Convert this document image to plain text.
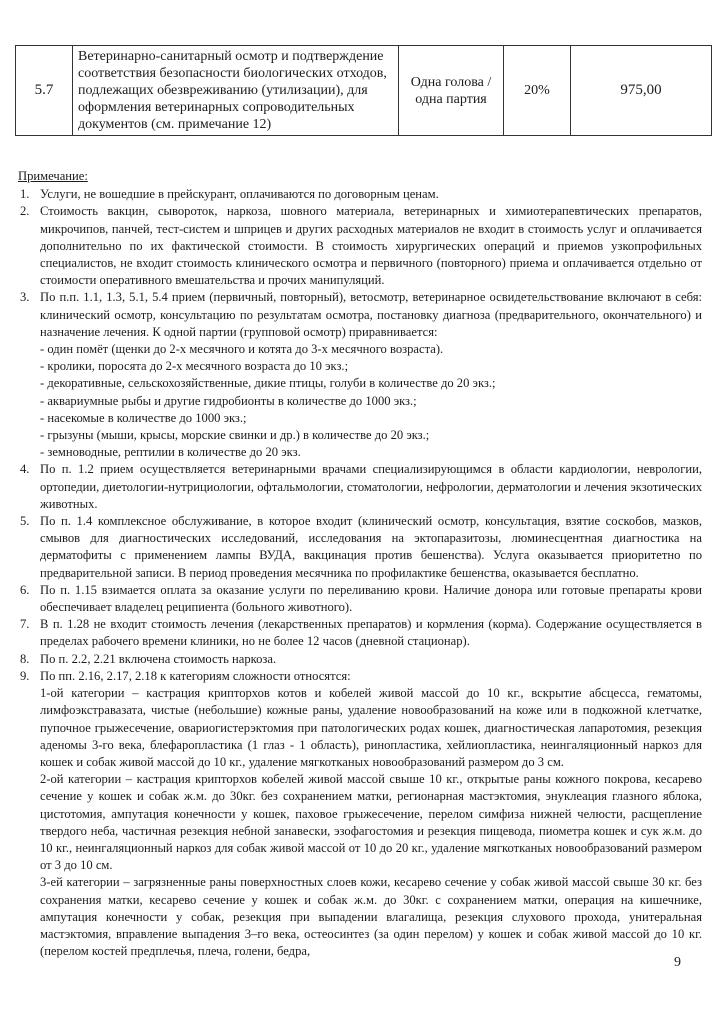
5.7	Ветеринарно-санитарный осмотр и подтверждение соответствия безопасности биологических отходов, подлежащих обезвреживанию (утилизации), для оформления ветеринарных сопроводительных документов (см. примечание 12)	Одна голова / одна партия	20%	975,00
Примечание:
1. Услуги, не вошедшие в прейскурант, оплачиваются по договорным ценам.
2. Стоимость вакцин, сывороток, наркоза, шовного материала, ветеринарных и химиотерапевтических препаратов, микрочипов, панчей, тест-систем и шприцев и других расходных материалов не входит в стоимость услуг и оплачивается дополнительно по их фактической стоимости. В стоимость хирургических операций и приемов узкопрофильных специалистов, не входит стоимость клинического осмотра и первичного (повторного) приема и оплачивается отдельно от стоимости оперативного вмешательства и прочих манипуляций.
3. По п.п. 1.1, 1.3, 5.1, 5.4 прием (первичный, повторный), ветосмотр, ветеринарное освидетельствование включают в себя: клинический осмотр, консультацию по результатам осмотра, постановку диагноза (предварительного, окончательного) и назначение лечения. К одной партии (групповой осмотр) приравнивается:
- один помёт (щенки до 2-х месячного и котята до 3-х месячного возраста).
- кролики, поросята до 2-х месячного возраста до 10 экз.;
- декоративные, сельскохозяйственные, дикие птицы, голуби в количестве до 20 экз.;
- аквариумные рыбы и другие гидробионты в количестве до 1000 экз.;
- насекомые в количестве до 1000 экз.;
- грызуны (мыши, крысы, морские свинки и др.) в количестве до 20 экз.;
- земноводные, рептилии в количестве до 20 экз.
4. По п. 1.2 прием осуществляется ветеринарными врачами специализирующимся в области кардиологии, неврологии, ортопедии, диетологии-нутрициологии, офтальмологии, стоматологии, нефрологии, дерматологии и лечения экзотических животных.
5. По п. 1.4 комплексное обслуживание, в которое входит (клинический осмотр, консультация, взятие соскобов, мазков, смывов для диагностических исследований, исследования на эктопаразитозы, люминесцентная диагностика на дерматофиты с применением лампы ВУДА, вакцинация против бешенства). Услуга оказывается приоритетно по предварительной записи. В период проведения месячника по профилактике бешенства, оказывается бесплатно.
6. По п. 1.15 взимается оплата за оказание услуги по переливанию крови. Наличие донора или готовые препараты крови обеспечивает владелец реципиента (больного животного).
7. В п. 1.28 не входит стоимость лечения (лекарственных препаратов) и кормления (корма). Содержание осуществляется в пределах рабочего времени клиники, но не более 12 часов (дневной стационар).
8. По п. 2.2, 2.21 включена стоимость наркоза.
9. По пп. 2.16, 2.17, 2.18 к категориям сложности относятся:
1-ой категории – кастрация крипторхов котов и кобелей живой массой до 10 кг., вскрытие абсцесса, гематомы, лимфоэкстравазата, чистые (небольшие) кожные раны, удаление новообразований на коже или в подкожной клетчатке, пупочное грыжесечение, овариогистерэктомия при патологических родах кошек, диагностическая лапаротомия, резекция аденомы 3-го века, блефаропластика (1 глаз - 1 область), ринопластика, хейлиопластика, неингаляционный наркоз для кошек и собак живой массой до 10 кг., удаление мягкотканых новообразований размером до 3 см.
2-ой категории – кастрация крипторхов кобелей живой массой свыше 10 кг., открытые раны кожного покрова, кесарево сечение у кошек и собак ж.м. до 30кг. без сохранением матки, регионарная мастэктомия, энуклеация глазного яблока, цистотомия, ампутация конечности у кошек, паховое грыжесечение, перелом симфиза нижней челюсти, расщепление твердого неба, частичная резекция небной занавески, эзофагостомия и резекция пищевода, пиометра кошек и сук ж.м. до 10 кг., неингаляционный наркоз для собак живой массой от 10 до 20 кг., удаление мягкотканых новообразований размером от 3 до 10 см.
3-ей категории – загрязненные раны поверхностных слоев кожи, кесарево сечение у собак живой массой свыше 30 кг. без сохранения матки, кесарево сечение у кошек и собак ж.м. до 30кг. с сохранением матки, операция на кишечнике, ампутация конечности у собак, резекция при выпадении влагалища, резекция слухового прохода, унитеральная мастэктомия, вправление выпадения 3–го века, остеосинтез (за один перелом) у кошек и собак живой массой до 10 кг. (перелом костей предплечья, плеча, голени, бедра,
9
